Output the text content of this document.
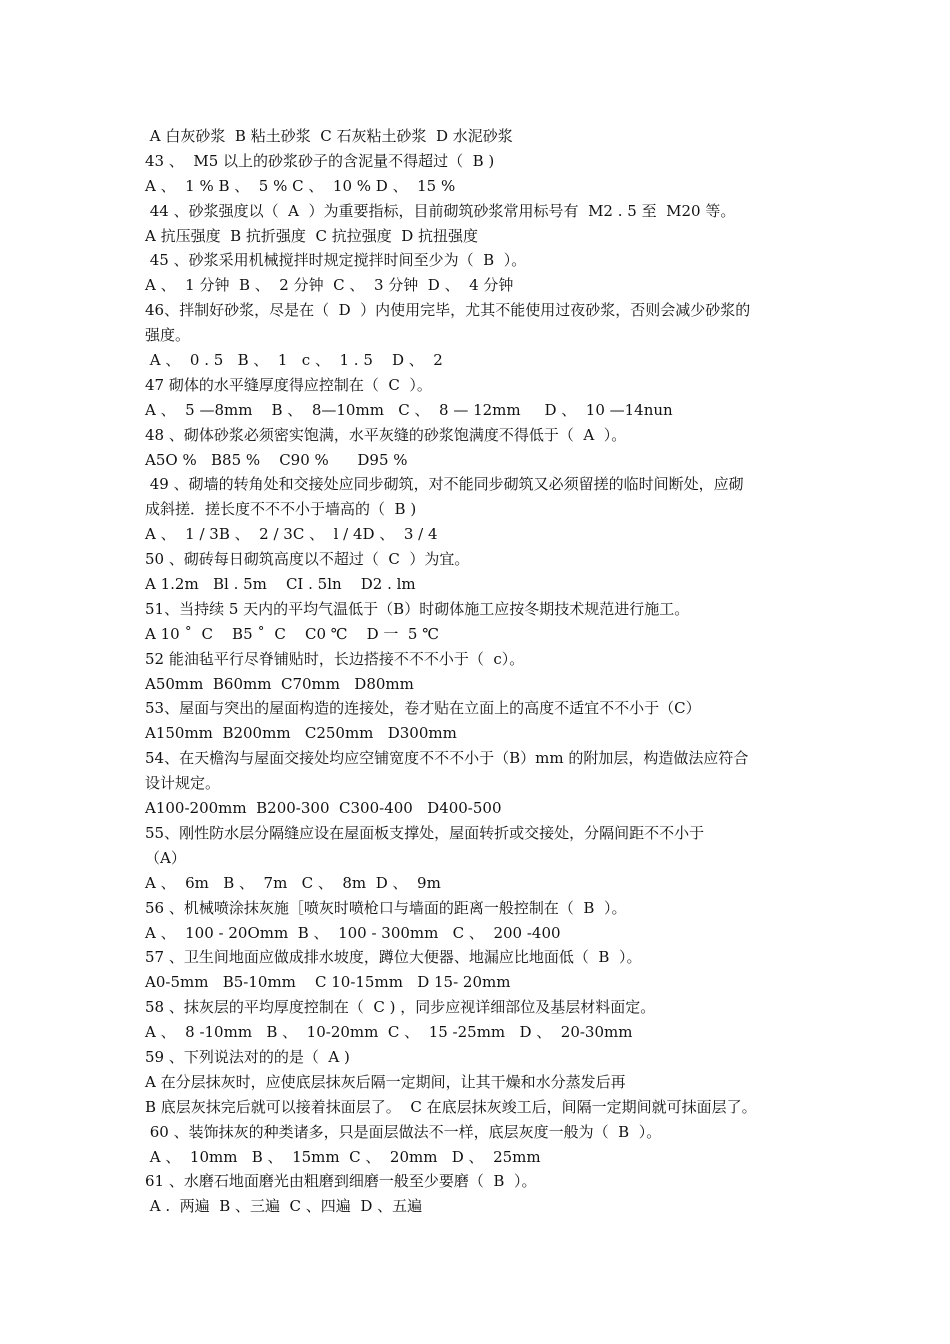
A 白灰砂浆  B 粘土砂浆  C 石灰粘土砂浆  D 水泥砂浆
43 、  M5 以上的砂浆砂子的含泥量不得超过（  B )
A 、  1 % B 、  5 % C 、  10 % D 、  15 %
44 、砂浆强度以（  A  ）为重要指标，目前砌筑砂浆常用标号有  M2 . 5 至  M20 等。
A 抗压强度  B 抗折强度  C 抗拉强度  D 抗扭强度
45 、砂浆采用机械搅拌时规定搅拌时间至少为（  B  ）。
A 、  1 分钟  B 、  2 分钟  C 、  3 分钟  D 、  4 分钟
46、拌制好砂浆，尽是在（  D  ）内使用完毕，尤其不能使用过夜砂浆，否则会减少砂浆的
强度。
A 、  0 . 5   B 、  1   c 、  1 . 5    D 、  2
47 砌体的水平缝厚度得应控制在（  C  ）。
A 、  5 —8mm    B 、  8—10mm   C 、  8 — 12mm     D 、  10 —14nun
48 、砌体砂浆必须密实饱满，水平灰缝的砂浆饱满度不得低于（  A  ）。
A5O %   B85 %    C90 %      D95 %
49 、砌墙的转角处和交接处应同步砌筑，对不能同步砌筑又必须留搓的临时间断处，应砌
成斜搓．搓长度不不不小于墙高的（  B )
A 、  1 / 3B 、  2 / 3C 、  l / 4D 、  3 / 4
50 、砌砖每日砌筑高度以不超过（  C  ）为宜。
A 1.2m   Bl . 5m    CI . 5ln    D2 . lm
51、当持续 5 天内的平均气温低于（B）时砌体施工应按冬期技术规范进行施工。
A 10 ˚  C    B5 ˚  C    C0 ℃    D 一  5 ℃
52 能油毡平行尽脊铺贴时，长边搭接不不不小于（  c）。
A50mm  B60mm  C70mm   D80mm
53、屋面与突出的屋面构造的连接处，卷才贴在立面上的高度不适宜不不小于（C）
A150mm  B200mm   C250mm   D300mm
54、在天檐沟与屋面交接处均应空铺宽度不不不小于（B）mm 的附加层，构造做法应符合
设计规定。
A100-200mm  B200-300  C300-400   D400-500
55、刚性防水层分隔缝应设在屋面板支撑处，屋面转折或交接处，分隔间距不不小于
（A）
A 、  6m   B 、  7m   C 、  8m  D 、  9m
56 、机械喷涂抹灰施［喷灰时喷枪口与墙面的距离一般控制在（  B  ）。
A 、  100 - 20Omm  B 、  100 - 300mm   C 、  200 -400
57 、卫生间地面应做成排水坡度，蹲位大便器、地漏应比地面低（  B  ）。
A0-5mm   B5-10mm    C 10-15mm   D 15- 20mm
58 、抹灰层的平均厚度控制在（  C ) ，同步应视详细部位及基层材料面定。
A 、  8 -10mm   B 、  10-20mm  C 、  15 -25mm   D 、  20-30mm
59 、下列说法对的的是（  A )
A 在分层抹灰时，应使底层抹灰后隔一定期间，让其干燥和水分蒸发后再
B 底层灰抹完后就可以接着抹面层了。  C 在底层抹灰竣工后，间隔一定期间就可抹面层了。
60 、装饰抹灰的种类诸多，只是面层做法不一样，底层灰度一般为（  B  ）。
A 、  10mm   B 、  15mm  C 、  20mm   D 、  25mm
61 、水磨石地面磨光由粗磨到细磨一般至少要磨（  B  ）。
A .  两遍  B 、三遍  C 、四遍  D 、五遍
